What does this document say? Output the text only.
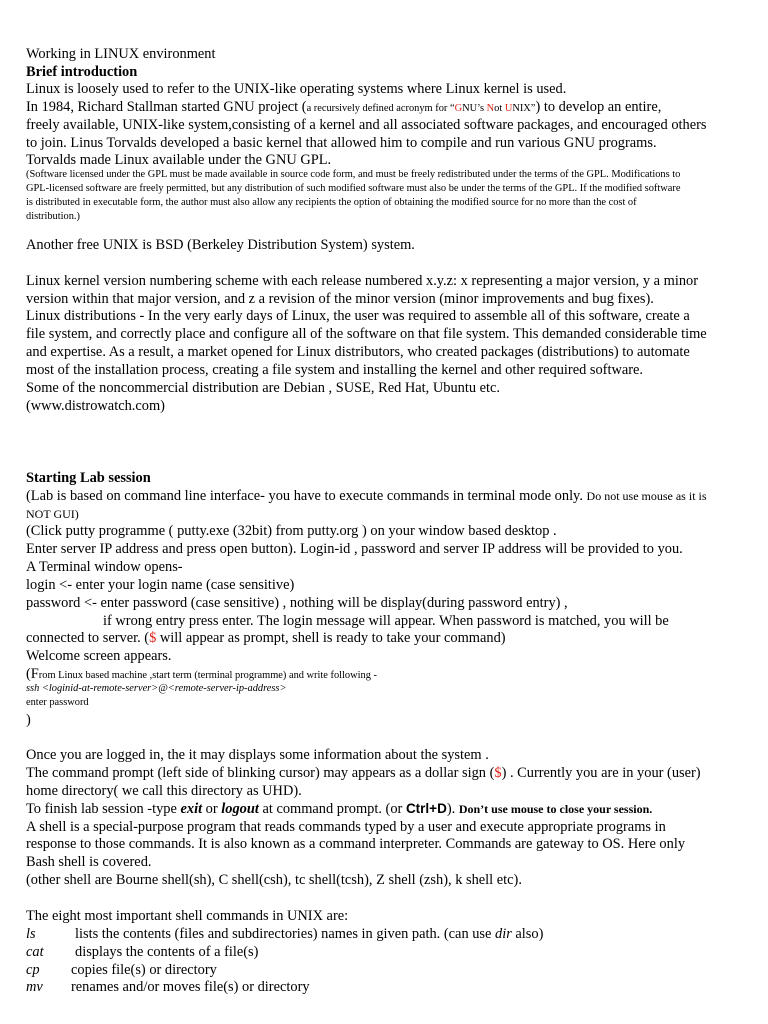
Working in LINUX environment
Brief introduction
Linux is loosely used to refer to the UNIX-like operating systems where Linux kernel is used.
In 1984, Richard Stallman started GNU project (a recursively defined acronym for “GNU’s Not UNIX”) to develop an entire,
freely available, UNIX-like system,consisting of a kernel and all associated software packages, and encouraged others
to join. Linus Torvalds developed a basic kernel that allowed him to compile and run various GNU programs.
Torvalds made Linux available under the GNU GPL.
(Software licensed under the GPL must be made available in source code form, and must be freely redistributed under the terms of the GPL. Modifications to
GPL-licensed software are freely permitted, but any distribution of such modified software must also be under the terms of the GPL. If the modified software
is distributed in executable form, the author must also allow any recipients the option of obtaining the modified source for no more than the cost of
distribution.)
Another free UNIX is BSD (Berkeley Distribution System) system.
Linux kernel version numbering scheme with each release numbered x.y.z: x representing a major version, y a minor
version within that major version, and z a revision of the minor version (minor improvements and bug fixes).
Linux distributions - In the very early days of Linux, the user was required to assemble all of this software, create a
file system, and correctly place and configure all of the software on that file system. This demanded considerable time
and expertise. As a result, a market opened for Linux distributors, who created packages (distributions) to automate
most of the installation process, creating a file system and installing the kernel and other required software.
Some of the noncommercial distribution are Debian , SUSE, Red Hat, Ubuntu etc.
(www.distrowatch.com)
Starting Lab session
(Lab is based on command line interface- you have to execute commands in terminal mode only. Do not use mouse as it is
NOT GUI)
(Click putty programme ( putty.exe (32bit) from putty.org ) on your window based desktop .
Enter server IP address and press open button). Login-id , password and server IP address will be provided to you.
A Terminal window opens-
login <- enter your login name (case sensitive)
password <- enter password (case sensitive) , nothing will be display(during password entry) ,
if wrong entry press enter. The login message will appear. When password is matched, you will be
connected to server. ($ will appear as prompt, shell is ready to take your command)
Welcome screen appears.
(From Linux based machine ,start term (terminal programme) and write following -
ssh <loginid-at-remote-server>@<remote-server-ip-address>
enter password
)
Once you are logged in, the it may displays some information about the system .
The command prompt (left side of blinking cursor) may appears as a dollar sign ($) . Currently you are in your (user)
home directory( we call this directory as UHD).
To finish lab session -type exit or logout at command prompt. (or Ctrl+D). Don’t use mouse to close your session.
A shell is a special-purpose program that reads commands typed by a user and execute appropriate programs in
response to those commands. It is also known as a command interpreter. Commands are gateway to OS. Here only
Bash shell is covered.
(other shell are Bourne shell(sh), C shell(csh), tc shell(tcsh), Z shell (zsh), k shell etc).
The eight most important shell commands in UNIX are:
ls	lists the contents (files and subdirectories) names in given path. (can use dir also)
cat displays the contents of a file(s)
cp copies file(s) or directory
mv renames and/or moves file(s) or directory
